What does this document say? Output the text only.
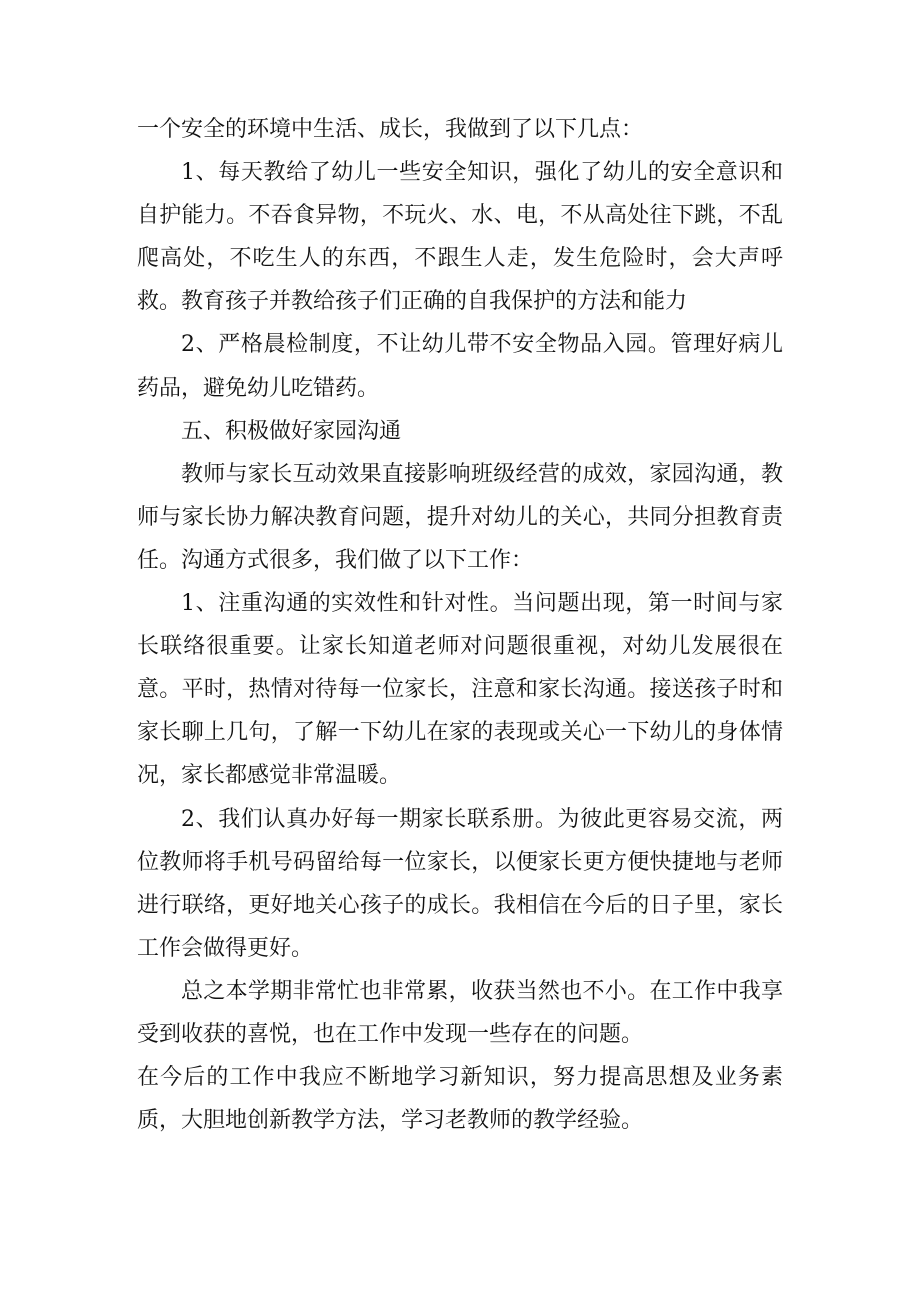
一个安全的环境中生活、成长，我做到了以下几点：

1、每天教给了幼儿一些安全知识，强化了幼儿的安全意识和自护能力。不吞食异物，不玩火、水、电，不从高处往下跳，不乱爬高处，不吃生人的东西，不跟生人走，发生危险时，会大声呼救。教育孩子并教给孩子们正确的自我保护的方法和能力

2、严格晨检制度，不让幼儿带不安全物品入园。管理好病儿药品，避免幼儿吃错药。

五、积极做好家园沟通

教师与家长互动效果直接影响班级经营的成效，家园沟通，教师与家长协力解决教育问题，提升对幼儿的关心，共同分担教育责任。沟通方式很多，我们做了以下工作：

1、注重沟通的实效性和针对性。当问题出现，第一时间与家长联络很重要。让家长知道老师对问题很重视，对幼儿发展很在意。平时，热情对待每一位家长，注意和家长沟通。接送孩子时和家长聊上几句，了解一下幼儿在家的表现或关心一下幼儿的身体情况，家长都感觉非常温暖。

2、我们认真办好每一期家长联系册。为彼此更容易交流，两位教师将手机号码留给每一位家长，以便家长更方便快捷地与老师进行联络，更好地关心孩子的成长。我相信在今后的日子里，家长工作会做得更好。

总之本学期非常忙也非常累，收获当然也不小。在工作中我享受到收获的喜悦，也在工作中发现一些存在的问题。

在今后的工作中我应不断地学习新知识，努力提高思想及业务素质，大胆地创新教学方法，学习老教师的教学经验。
